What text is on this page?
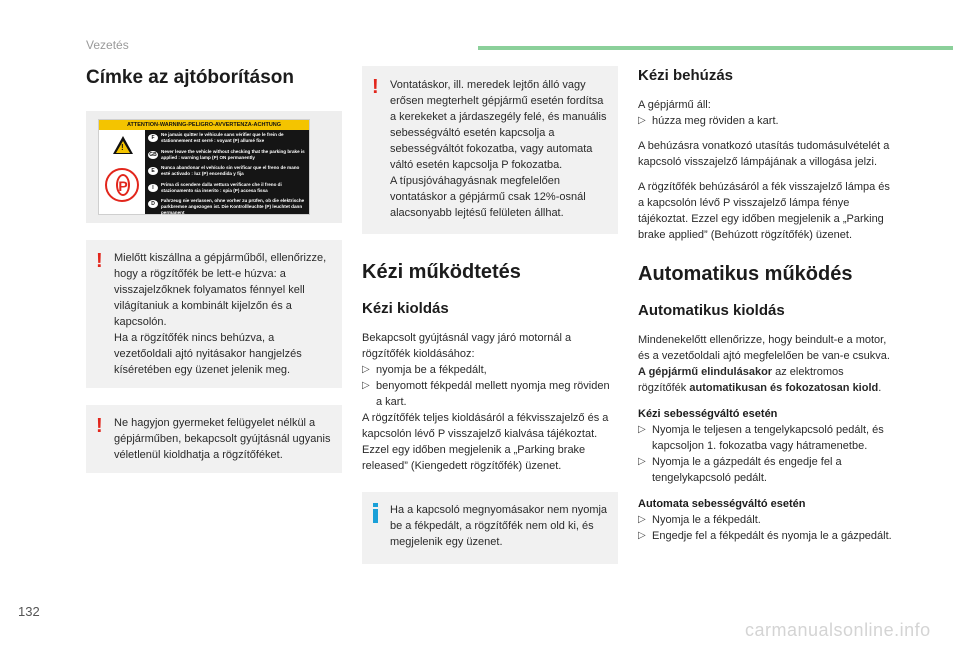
Vezetés
Címke az ajtóborításon
ATTENTION-WARNING-PELIGRO-AVVERTENZA-ACHTUNG
!
P
F
Ne jamais quitter le véhicule sans vérifier que le frein de stationnement est serré : voyant (P) allumé fixe
GB
Never leave the vehicle without checking that the parking brake is applied : warning lamp (P) ON permanently
E
Nunca abandonar el vehículo sin verificar que el freno de mano esté activado : luz (P) encendida y fija
I
Prima di scendere dalla vettura verificare che il freno di stazionamento sia inserito : spia (P) accesa fissa
D
Fahrzeug nie verlassen, ohne vorher zu prüfen, ob die elektrische parkbremse angezogen ist. Die Kontrollleuchte (P) leuchtet dann permanent
! Mielőtt kiszállna a gépjárműből, ellenőrizze, hogy a rögzítőfék be lett-e húzva: a visszajelzőknek folyamatos fénnyel kell világítaniuk a kombinált kijelzőn és a kapcsolón.
Ha a rögzítőfék nincs behúzva, a vezetőoldali ajtó nyitásakor hangjelzés kíséretében egy üzenet jelenik meg.
! Ne hagyjon gyermeket felügyelet nélkül a gépjárműben, bekapcsolt gyújtásnál ugyanis véletlenül kioldhatja a rögzítőféket.
! Vontatáskor, ill. meredek lejtőn álló vagy erősen megterhelt gépjármű esetén fordítsa a kerekeket a járdaszegély felé, és manuális sebességváltó esetén kapcsolja a sebességváltót fokozatba, vagy automata váltó esetén kapcsolja P fokozatba.
A típusjóváhagyásnak megfelelően vontatáskor a gépjármű csak 12%-osnál alacsonyabb lejtésű felületen állhat.
Kézi működtetés
Kézi kioldás

Bekapcsolt gyújtásnál vagy járó motornál a rögzítőfék kioldásához:

▷ nyomja be a fékpedált,
▷ benyomott fékpedál mellett nyomja meg röviden a kart.

A rögzítőfék teljes kioldásáról a fékvisszajelző és a kapcsolón lévő P visszajelző kialvása tájékoztat. Ezzel egy időben megjelenik a „Parking brake released” (Kiengedett rögzítőfék) üzenet.

Ha a kapcsoló megnyomásakor nem nyomja be a fékpedált, a rögzítőfék nem old ki, és megjelenik egy üzenet.
Kézi behúzás

A gépjármű áll:

▷ húzza meg röviden a kart.

A behúzásra vonatkozó utasítás tudomásulvételét a kapcsoló visszajelző lámpájának a villogása jelzi.

A rögzítőfék behúzásáról a fék visszajelző lámpa és a kapcsolón lévő P visszajelző lámpa fénye tájékoztat. Ezzel egy időben megjelenik a „Parking brake applied” (Behúzott rögzítőfék) üzenet.

Automatikus működés
Automatikus kioldás

Mindenekelőtt ellenőrizze, hogy beindult-e a motor, és a vezetőoldali ajtó megfelelően be van-e csukva.

A gépjármű elindulásakor az elektromos rögzítőfék automatikusan és fokozatosan kiold.

Kézi sebességváltó esetén
▷ Nyomja le teljesen a tengelykapcsoló pedált, és kapcsoljon 1. fokozatba vagy hátramenetbe.
▷ Nyomja le a gázpedált és engedje fel a tengelykapcsoló pedált.
Automata sebességváltó esetén
▷ Nyomja le a fékpedált.
▷ Engedje fel a fékpedált és nyomja le a gázpedált.
132
carmanualsonline.info
